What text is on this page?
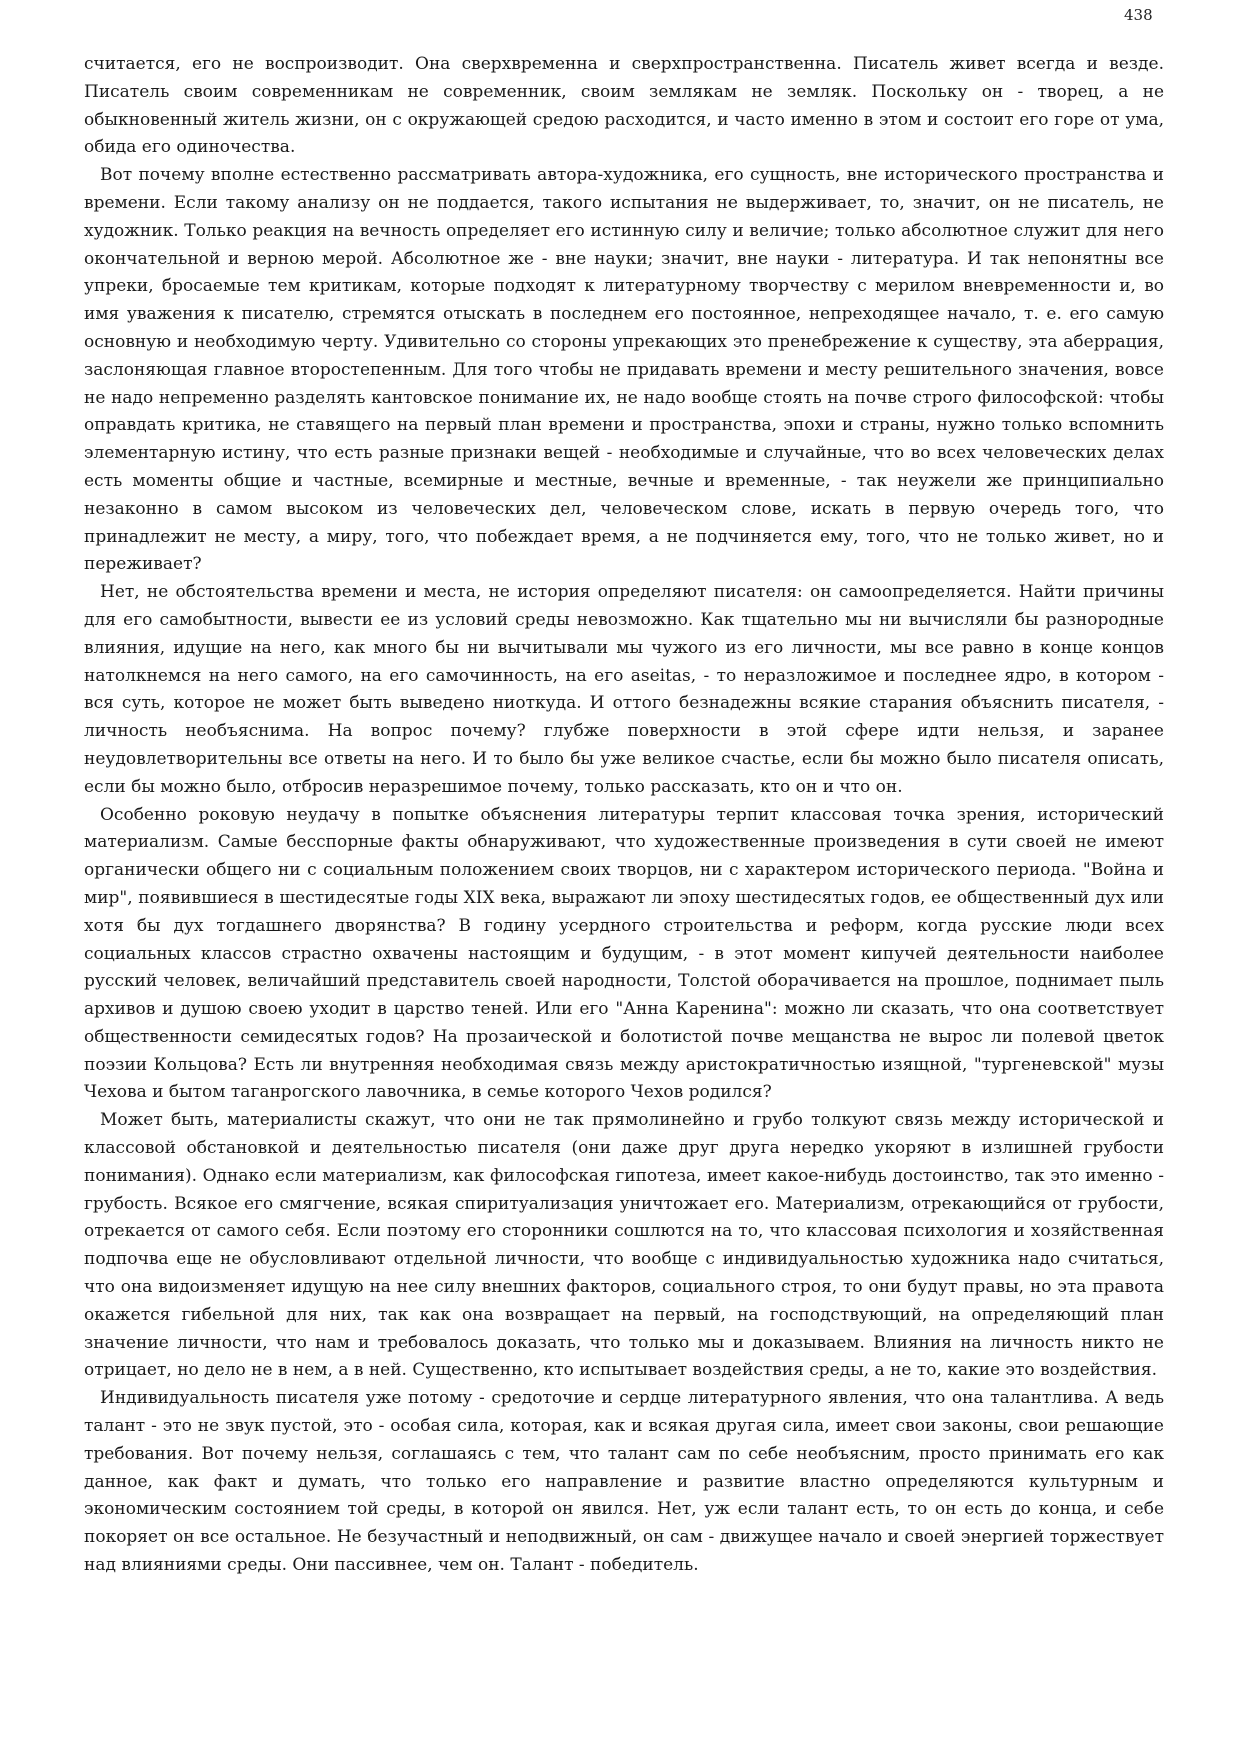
438

считается, его не воспроизводит. Она сверхвременна и сверхпространственна. Писатель живет всегда и везде. Писатель своим современникам не современник, своим землякам не земляк. Поскольку он - творец, а не обыкновенный житель жизни, он с окружающей средою расходится, и часто именно в этом и состоит его горе от ума, обида его одиночества.

Вот почему вполне естественно рассматривать автора-художника, его сущность, вне исторического пространства и времени. Если такому анализу он не поддается, такого испытания не выдерживает, то, значит, он не писатель, не художник. Только реакция на вечность определяет его истинную силу и величие; только абсолютное служит для него окончательной и верною мерой. Абсолютное же - вне науки; значит, вне науки - литература. И так непонятны все упреки, бросаемые тем критикам, которые подходят к литературному творчеству с мерилом вневременности и, во имя уважения к писателю, стремятся отыскать в последнем его постоянное, непреходящее начало, т. е. его самую основную и необходимую черту. Удивительно со стороны упрекающих это пренебрежение к существу, эта аберрация, заслоняющая главное второстепенным. Для того чтобы не придавать времени и месту решительного значения, вовсе не надо непременно разделять кантовское понимание их, не надо вообще стоять на почве строго философской: чтобы оправдать критика, не ставящего на первый план времени и пространства, эпохи и страны, нужно только вспомнить элементарную истину, что есть разные признаки вещей - необходимые и случайные, что во всех человеческих делах есть моменты общие и частные, всемирные и местные, вечные и временные, - так неужели же принципиально незаконно в самом высоком из человеческих дел, человеческом слове, искать в первую очередь того, что принадлежит не месту, а миру, того, что побеждает время, а не подчиняется ему, того, что не только живет, но и переживает?

Нет, не обстоятельства времени и места, не история определяют писателя: он самоопределяется. Найти причины для его самобытности, вывести ее из условий среды невозможно. Как тщательно мы ни вычисляли бы разнородные влияния, идущие на него, как много бы ни вычитывали мы чужого из его личности, мы все равно в конце концов натолкнемся на него самого, на его самочинность, на его aseitas, - то неразложимое и последнее ядро, в котором - вся суть, которое не может быть выведено ниоткуда. И оттого безнадежны всякие старания объяснить писателя, - личность необъяснима. На вопрос почему? глубже поверхности в этой сфере идти нельзя, и заранее неудовлетворительны все ответы на него. И то было бы уже великое счастье, если бы можно было писателя описать, если бы можно было, отбросив неразрешимое почему, только рассказать, кто он и что он.

Особенно роковую неудачу в попытке объяснения литературы терпит классовая точка зрения, исторический материализм. Самые бесспорные факты обнаруживают, что художественные произведения в сути своей не имеют органически общего ни с социальным положением своих творцов, ни с характером исторического периода. "Война и мир", появившиеся в шестидесятые годы XIX века, выражают ли эпоху шестидесятых годов, ее общественный дух или хотя бы дух тогдашнего дворянства? В годину усердного строительства и реформ, когда русские люди всех социальных классов страстно охвачены настоящим и будущим, - в этот момент кипучей деятельности наиболее русский человек, величайший представитель своей народности, Толстой оборачивается на прошлое, поднимает пыль архивов и душою своею уходит в царство теней. Или его "Анна Каренина": можно ли сказать, что она соответствует общественности семидесятых годов? На прозаической и болотистой почве мещанства не вырос ли полевой цветок поэзии Кольцова? Есть ли внутренняя необходимая связь между аристократичностью изящной, "тургеневской" музы Чехова и бытом таганрогского лавочника, в семье которого Чехов родился?

Может быть, материалисты скажут, что они не так прямолинейно и грубо толкуют связь между исторической и классовой обстановкой и деятельностью писателя (они даже друг друга нередко укоряют в излишней грубости понимания). Однако если материализм, как философская гипотеза, имеет какое-нибудь достоинство, так это именно - грубость. Всякое его смягчение, всякая спиритуализация уничтожает его. Материализм, отрекающийся от грубости, отрекается от самого себя. Если поэтому его сторонники сошлются на то, что классовая психология и хозяйственная подпочва еще не обусловливают отдельной личности, что вообще с индивидуальностью художника надо считаться, что она видоизменяет идущую на нее силу внешних факторов, социального строя, то они будут правы, но эта правота окажется гибельной для них, так как она возвращает на первый, на господствующий, на определяющий план значение личности, что нам и требовалось доказать, что только мы и доказываем. Влияния на личность никто не отрицает, но дело не в нем, а в ней. Существенно, кто испытывает воздействия среды, а не то, какие это воздействия.

Индивидуальность писателя уже потому - средоточие и сердце литературного явления, что она талантлива. А ведь талант - это не звук пустой, это - особая сила, которая, как и всякая другая сила, имеет свои законы, свои решающие требования. Вот почему нельзя, соглашаясь с тем, что талант сам по себе необъясним, просто принимать его как данное, как факт и думать, что только его направление и развитие властно определяются культурным и экономическим состоянием той среды, в которой он явился. Нет, уж если талант есть, то он есть до конца, и себе покоряет он все остальное. Не безучастный и неподвижный, он сам - движущее начало и своей энергией торжествует над влияниями среды. Они пассивнее, чем он. Талант - победитель.
